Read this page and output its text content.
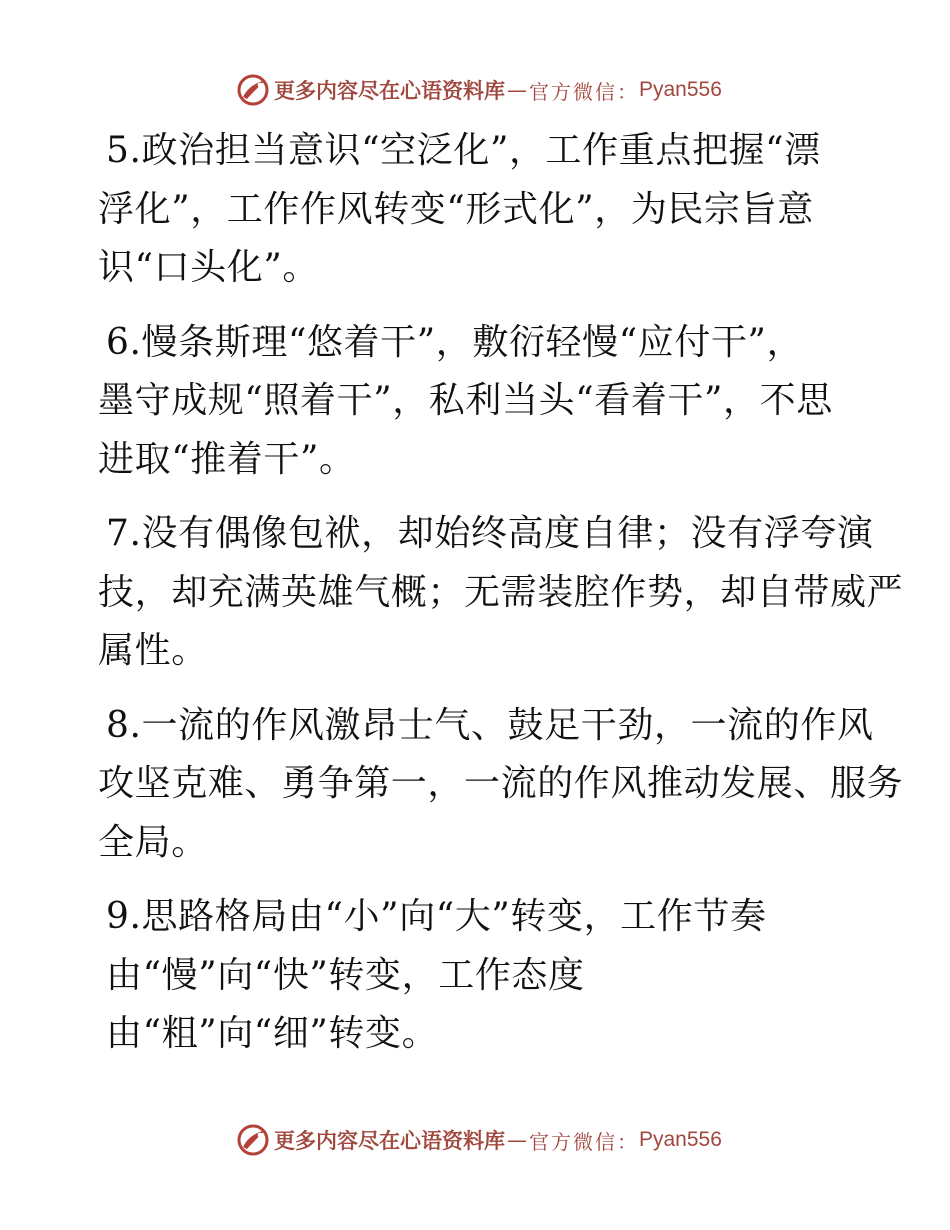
更多内容尽在心语资料库 — 官方微信： Pyan556
5.政治担当意识“空泛化”，工作重点把握“漂
浮化”，工作作风转变“形式化”，为民宗旨意
识“口头化”。
6.慢条斯理“悠着干”，敷衍轻慢“应付干”，
墨守成规“照着干”，私利当头“看着干”，不思
进取“推着干”。
7.没有偶像包袱，却始终高度自律；没有浮夸演
技，却充满英雄气概；无需装腔作势，却自带威严
属性。
8.一流的作风激昂士气、鼓足干劲，一流的作风
攻坚克难、勇争第一，一流的作风推动发展、服务
全局。
9.思路格局由“小”向“大”转变，工作节奏
由“慢”向“快”转变，工作态度
由“粗”向“细”转变。
更多内容尽在心语资料库 — 官方微信： Pyan556
